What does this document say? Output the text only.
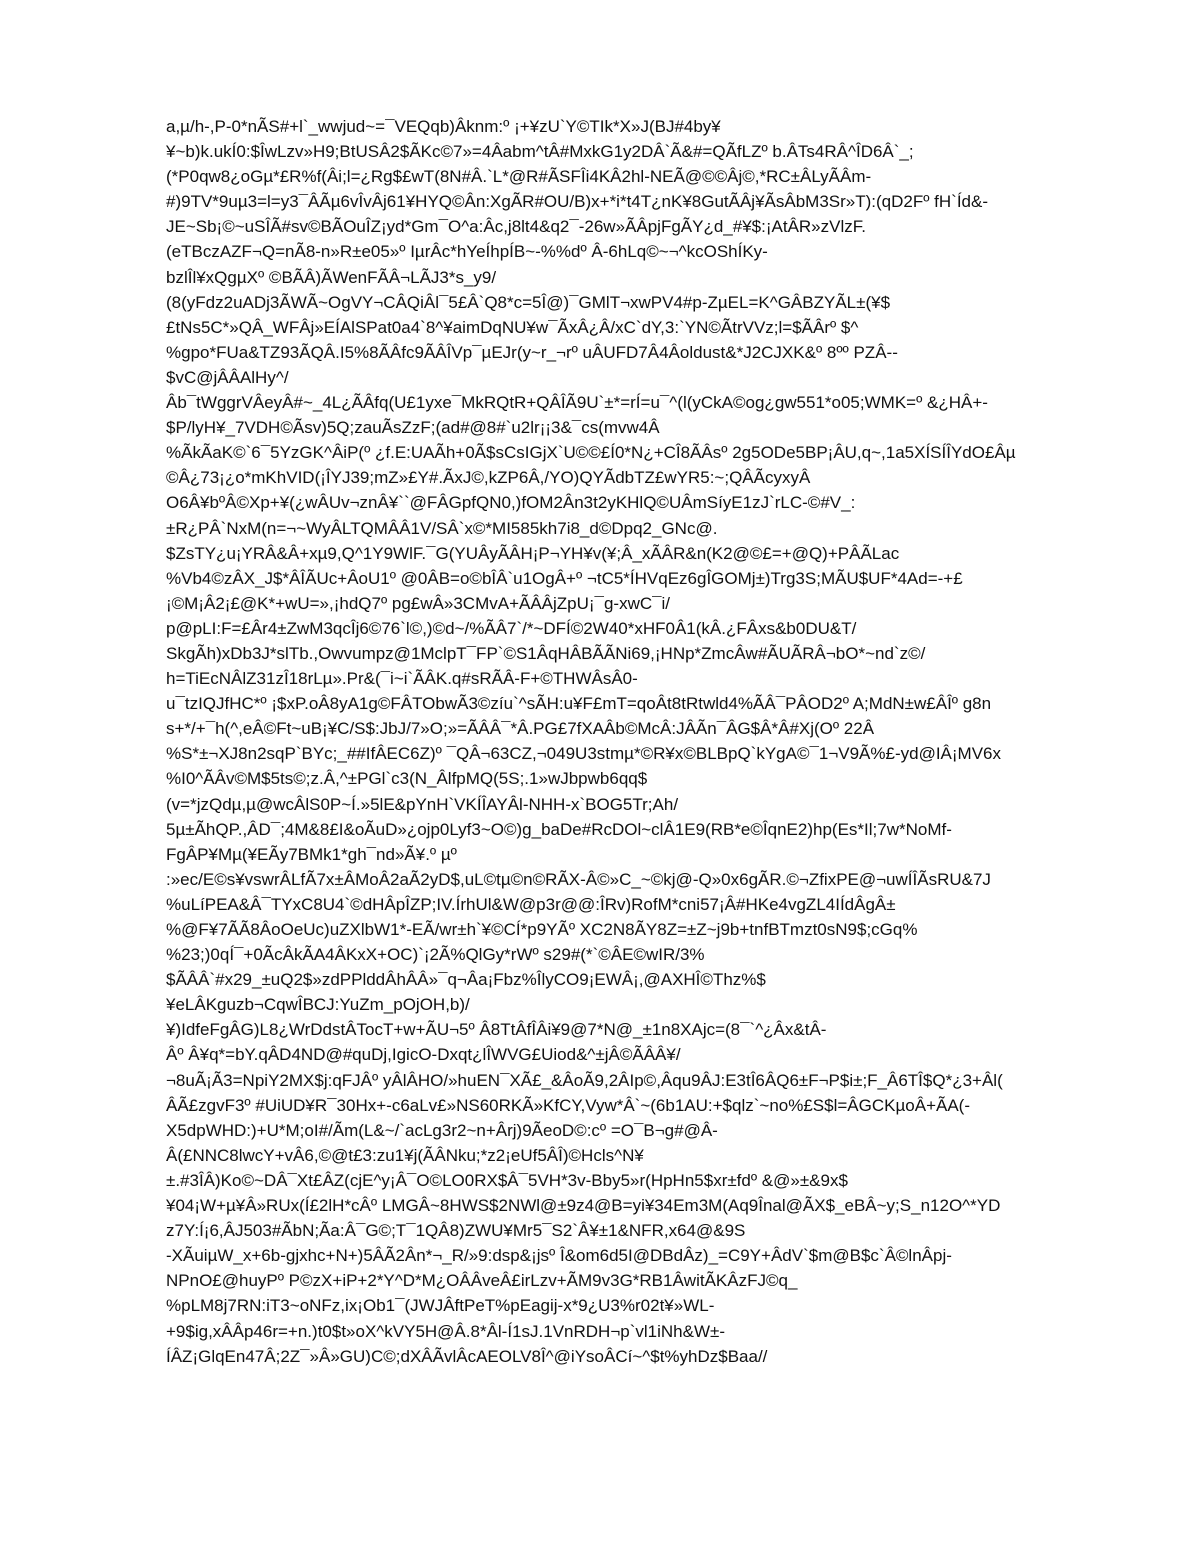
a,µ/h-,P-0*nÃS#+l`_wwjud~=¯VEQqb)Âknm:º ¡+¥zU`Y©TIk*X»J(BJ#4by¥
¥~b)k.ukÍ0:$ÎwLzv»H9;BtUSÂ2$ÃKc©7»=4Âabm^tÂ#MxkG1y2DÂ`Ã&#=QÃfLZº b.ÂTs4RÂ^ÎD6Â`_;
(*P0qw8¿oGµ*£R%f(Âi;l=¿Rg$£wT(8N#Â.`L*@R#ÃSFÎi4KÂ2hl-NEÃ@©©Âj©,*RC±ÂLyÃÂm-
#)9TV*9uµ3=l=y3¯ÂÃµ6vÎvÂj61¥HYQ©Ân:XgÃR#OU/B)x+*i*t4T¿nK¥8GutÃÂj¥ÃsÂbM3Sr»T):(qD2Fº fH`Íd&-
JE~Sb¡©~uSÎÃ#sv©BÃOuÎZ¡yd*Gm¯O^a:Âc,j8lt4&q2¯-26w»ÃÂpjFgÃY¿d_#¥$:¡AtÂR»zVlzF.
(eTBczAZF¬Q=nÃ8-n»R±e05»º IµrÂc*hYeÍhpÍB~-%%dº Â-6hLq©~¬^kcOShÍKy-
bzlÎl¥xQgµXº ©BÃÂ)ÃWenFÃÂ¬LÃJ3*s_y9/
(8(yFdz2uADj3ÃWÃ~OgVY¬CÂQiÂl¯5£Â`Q8*c=5Î@)¯GMlT¬xwPV4#p-ZµEL=K^GÂBZYÃL±(¥$
£tNs5C*»QÂ_WFÂj»EÍAlSPat0a4`8^¥aimDqNU¥w¯ÃxÂ¿Â/xC`dY,3:`YN©ÃtrVVz;l=$ÃÂrº $^
%gpo*FUa&TZ93ÃQÂ.I5%8ÃÂfc9ÃÂÎVp¯µEJr(y~r_¬rº uÂUFD7Â4Âoldust&*J2CJXK&º 8ºº PZÂ--
$vC@jÂÂAlHy^/
Âb¯tWggrVÂeyÂ#~_4L¿ÃÂfq(U£1yxe¯MkRQtR+QÂÎÃ9U`±*=rÍ=u¯^(l(yCkA©og¿gw551*o05;WMK=º &¿HÂ+-
$P/lyH¥_7VDH©Ãsv)5Q;zauÃsZzF;(ad#@8#`u2lr¡¡3&¯cs(mvw4Â
%ÃkÃaK©`6¯5YzGK^ÂiP(º ¿f.E:UAÃh+0Ã$sCsIGjX`U©©£Í0*N¿+CÎ8ÃÂsº 2g5ODe5BP¡ÂU,q~,1a5XÍSÍÎYdO£Âµ
©Â¿73¡¿o*mKhVID(¡ÎYJ39;mZ»£Y#.ÃxJ©,kZP6Â,/YO)QYÃdbTZ£wYR5:~;QÂÃcyxyÂ
O6Â¥bºÂ©Xp+¥(¿wÂUv¬znÂ¥``@FÂGpfQN0,)fOM2Ân3t2yKHlQ©UÂmSíyE1zJ`rLC-©#V_:
±R¿PÂ`NxM(n=¬~WyÂLTQMÂÂ1V/SÂ`x©*MI585kh7i8_d©Dpq2_GNc@.
$ZsTY¿u¡YRÂ&Â+xµ9,Q^1Y9WlF.¯G(YUÂyÃÂH¡P¬YH¥v(¥;Â_xÃÂR&n(K2@©£=+@Q)+PÂÃLac
%Vb4©zÂX_J$*ÂÎÃUc+ÂoU1º @0ÂB=o©bÎÂ`u1OgÂ+º ¬tC5*ÍHVqEz6gÎGOMj±)Trg3S;MÃU$UF*4Ad=-+£
¡©M¡Â2¡£@K*+wU=»,¡hdQ7º pg£wÂ»3CMvA+ÃÂÂjZpU¡¯g-xwC¯i/
p@pLI:F=£Âr4±ZwM3qcÎj6©76`l©,)©d~/%ÃÂ7`/*~DFÍ©2W40*xHF0Â1(kÂ.¿FÂxs&b0DU&T/
SkgÃh)xDb3J*slTb.,Owvumpz@1MclpT¯FP`©S1ÂqHÂBÃÃNi69,¡HNp*ZmcÂw#ÃUÃRÂ¬bO*~nd`z©/
h=TiEcNÂlZ31zÎ18rLµ».Pr&(¯i~i`ÃÂK.q#sRÃÂ-F+©THWÂsÂ0-
u¯tzIQJfHC*º ¡$xP.oÂ8yA1g©FÂTObwÃ3©zíu`^sÃH:u¥F£mT=qoÂt8tRtwld4%ÃÂ¯PÂOD2º A;MdN±w£ÂÎº g8n
s+*/+¯h(^,eÂ©Ft~uB¡¥C/S$:JbJ/7»O;»=ÃÂÂ¯*Â.PG£7fXAÂb©McÂ:JÂÃn¯ÂG$Â*Â#Xj(Oº 22Â
%S*±¬XJ8n2sqP`BYc;_##IfÂEC6Z)º ¯QÂ¬63CZ,¬049U3stmµ*©R¥x©BLBpQ`kYgA©¯1¬V9Ã%£-yd@IÂ¡MV6x
%I0^ÃÂv©M$5ts©;z.Â,^±PGl`c3(N_ÂlfpMQ(5S;.1»wJbpwb6qq$
(v=*jzQdµ,µ@wcÂlS0P~Í.»5lE&pYnH`VKÍÎAYÂl-NHH-x`BOG5Tr;Ah/
5µ±ÃhQP.,ÂD¯;4M&8£I&oÃuD»¿ojp0Lyf3~O©)g_baDe#RcDOl~clÂ1E9(RB*e©ÎqnE2)hp(Es*Il;7w*NoMf-
FgÂP¥Mµ(¥EÃy7BMk1*gh¯nd»Ã¥.º µº
:»ec/E©s¥vswrÂLfÃ7x±ÂMoÂ2aÃ2yD$,uL©tµ©n©RÃX-Â©»C_~©kj@-Q»0x6gÃR.©¬ZfixPE@¬uwÍÎÃsRU&7J
%uLíPEA&Â¯TYxC8U4`©dHÂpÎZP;IV.ÍrhUl&W@p3r@@:ÎRv)RofM*cni57¡Â#HKe4vgZL4IÍdÂgÂ±
%@F¥7ÃÃ8ÂoOeUc)uZXlbW1*-EÃ/wr±h`¥©CÍ*p9YÃº XC2N8ÃY8Z=±Z~j9b+tnfBTmzt0sN9$;cGq%
%23;)0qÍ¯+0ÃcÂkÃA4ÂKxX+OC)`¡2Ã%QlGy*rWº s29#(*`©ÂE©wIR/3%
$ÃÂÂ`#x29_±uQ2$»zdPPlddÂhÂÂ»¯q¬Âa¡Fbz%ÎlyCO9¡EWÂ¡,@AXHÎ©Thz%$
¥eLÂKguzb¬CqwÎBCJ:YuZm_pOjOH,b)/
¥)IdfeFgÂG)L8¿WrDdstÂTocT+w+ÃU¬5º Â8TtÂfÎÂi¥9@7*N@_±1n8XAjc=(8¯`^¿Âx&tÂ-
Âº Â¥q*=bY.qÂD4ND@#quDj,IgicO-Dxqt¿lÎWVG£Uiod&^±jÂ©ÃÂÂ¥/
¬8uÃ¡Ã3=NpiY2MX$j:qFJÂº yÂlÂHO/»huEN¯XÃ£_&ÂoÃ9,2ÂIp©,Âqu9ÂJ:E3tÎ6ÂQ6±F¬P$i±;F_Â6TÎ$Q*¿3+Âl(
ÂÃ£zgvF3º #UiUD¥R¯30Hx+-c6aLv£»NS60RKÃ»KfCY,Vyw*Â`~(6b1AU:+$qlz`~no%£S$l=ÂGCKµoÂ+ÃA(-
X5dpWHD:)+U*M;oI#/Ãm(L&~/`acLg3r2~n+Ârj)9ÃeoD©:cº =O¯B¬g#@Â-
Â(£NNC8lwcY+vÂ6,©@t£3:zu1¥j(ÃÂNku;*z2¡eUf5ÂÎ)©Hcls^N¥
±.#3ÎÂ)Ko©~DÂ¯Xt£ÂZ(cjE^y¡Â¯O©LO0RX$Â¯5VH*3v-Bby5»r(HpHn5$xr±fdº &@»±&9x$
¥04¡W+µ¥Â»RUx(Í£2lH*cÂº LMGÂ~8HWS$2NWl@±9z4@B=yi¥34Em3M(Aq9Înal@ÃX$_eBÂ~y;S_n12O^*YD
z7Y:Í¡6,ÂJ503#ÃbN;Ãa:Â¯G©;T¯1QÂ8)ZWU¥Mr5¯S2`Â¥±1&NFR,x64@&9S
-XÃuiµW_x+6b-gjxhc+N+)5ÂÃ2Ân*¬_R/»9:dsp&¡jsº Î&om6d5I@DBdÂz)_=C9Y+ÂdV`$m@B$c`Â©lnÂpj-
NPnO£@huyPº P©zX+iP+2*Y^D*M¿OÂÂveÂ£irLzv+ÃM9v3G*RB1ÂwitÃKÂzFJ©q_
%pLM8j7RN:iT3~oNFz,ix¡Ob1¯(JWJÂftPeT%pEagij-x*9¿U3%r02t¥»WL-
+9$ig,xÂÂp46r=+n.)t0$t»oX^kVY5H@Â.8*Âl-Í1sJ.1VnRDH¬p`vl1iNh&W±-
ÍÂZ¡GlqEn47Â;2Z¯»Â»GU)C©;dXÂÃvlÂcAEOLV8Î^@iYsoÂCí~^$t%yhDz$Baa//
